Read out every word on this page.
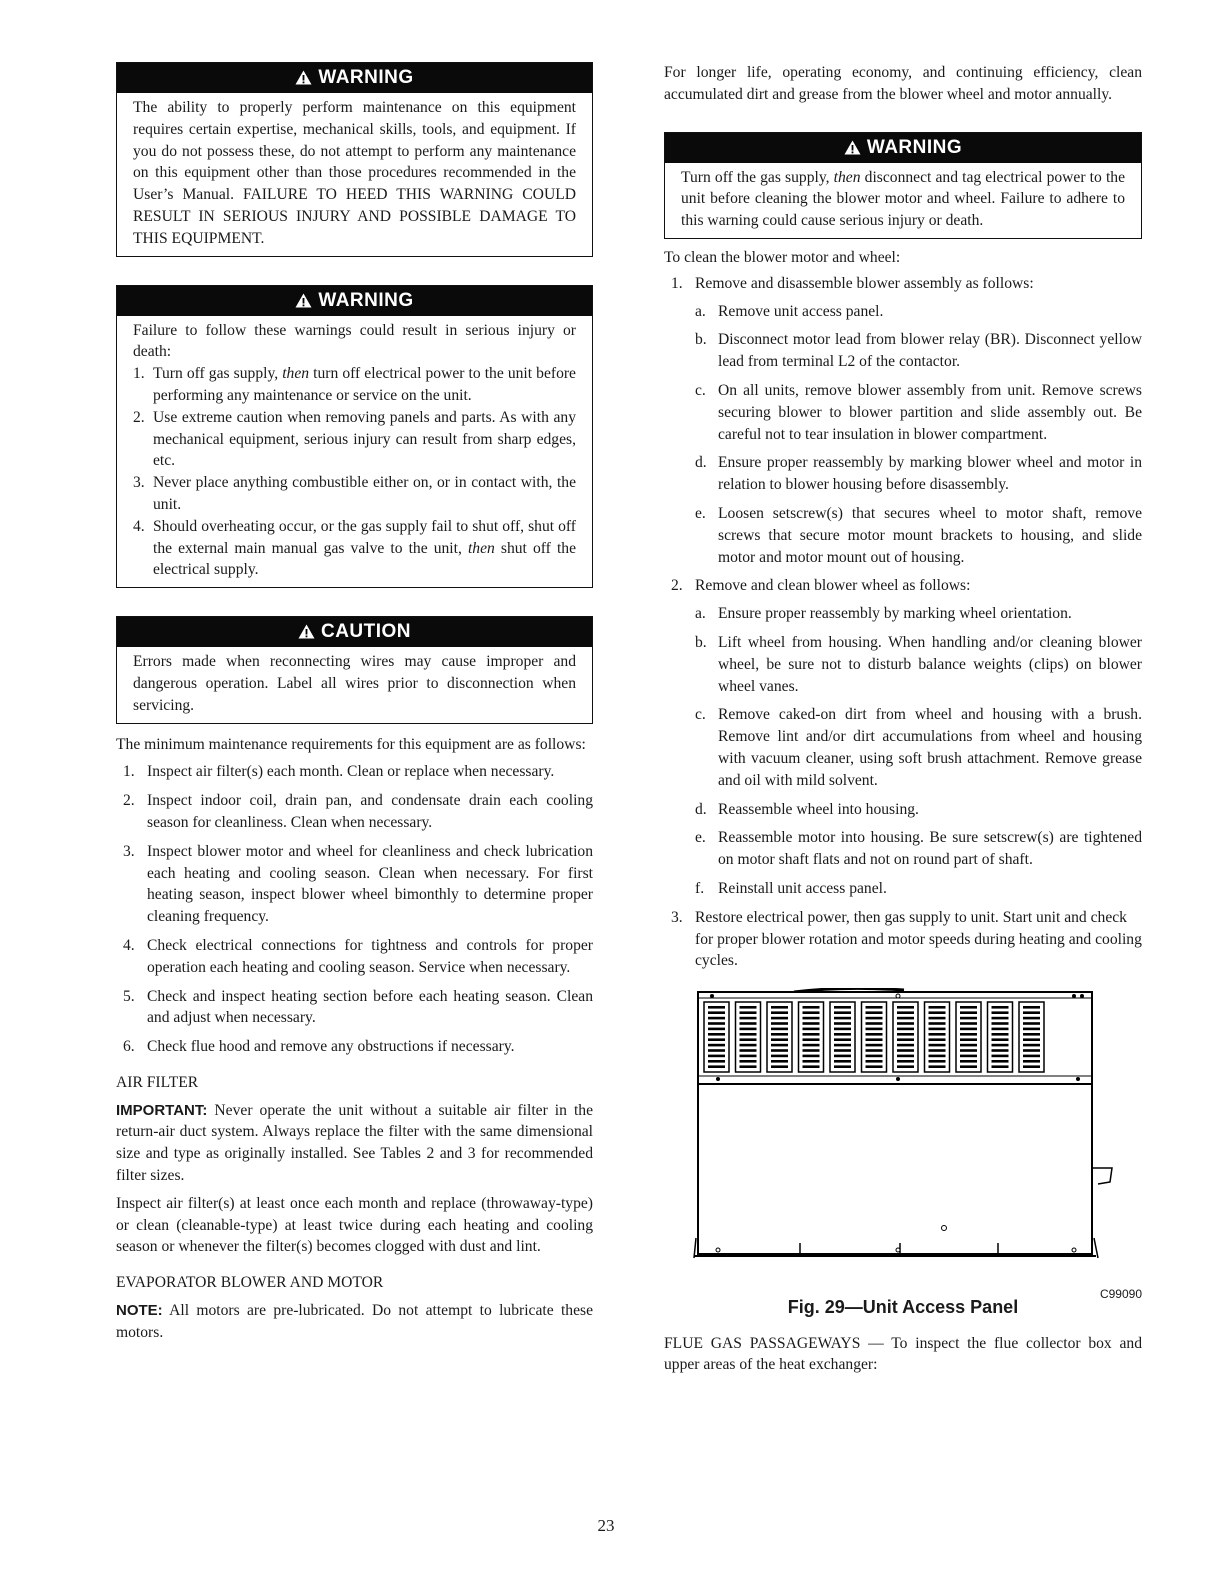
WARNING
The ability to properly perform maintenance on this equipment requires certain expertise, mechanical skills, tools, and equipment. If you do not possess these, do not attempt to perform any maintenance on this equipment other than those procedures recommended in the User’s Manual. FAILURE TO HEED THIS WARNING COULD RESULT IN SERIOUS INJURY AND POSSIBLE DAMAGE TO THIS EQUIPMENT.
WARNING
Failure to follow these warnings could result in serious injury or death:
1. Turn off gas supply, then turn off electrical power to the unit before performing any maintenance or service on the unit.
2. Use extreme caution when removing panels and parts. As with any mechanical equipment, serious injury can result from sharp edges, etc.
3. Never place anything combustible either on, or in contact with, the unit.
4. Should overheating occur, or the gas supply fail to shut off, shut off the external main manual gas valve to the unit, then shut off the electrical supply.
CAUTION
Errors made when reconnecting wires may cause improper and dangerous operation. Label all wires prior to disconnection when servicing.

The minimum maintenance requirements for this equipment are as follows:

1. Inspect air filter(s) each month. Clean or replace when necessary.
2. Inspect indoor coil, drain pan, and condensate drain each cooling season for cleanliness. Clean when necessary.
3. Inspect blower motor and wheel for cleanliness and check lubrication each heating and cooling season. Clean when necessary. For first heating season, inspect blower wheel bimonthly to determine proper cleaning frequency.
4. Check electrical connections for tightness and controls for proper operation each heating and cooling season. Service when necessary.
5. Check and inspect heating section before each heating season. Clean and adjust when necessary.
6. Check flue hood and remove any obstructions if necessary.
AIR FILTER

IMPORTANT: Never operate the unit without a suitable air filter in the return-air duct system. Always replace the filter with the same dimensional size and type as originally installed. See Tables 2 and 3 for recommended filter sizes.

Inspect air filter(s) at least once each month and replace (throwaway-type) or clean (cleanable-type) at least twice during each heating and cooling season or whenever the filter(s) becomes clogged with dust and lint.

EVAPORATOR BLOWER AND MOTOR

NOTE: All motors are pre-lubricated. Do not attempt to lubricate these motors.

For longer life, operating economy, and continuing efficiency, clean accumulated dirt and grease from the blower wheel and motor annually.

WARNING
Turn off the gas supply, then disconnect and tag electrical power to the unit before cleaning the blower motor and wheel. Failure to adhere to this warning could cause serious injury or death.

To clean the blower motor and wheel:

1. Remove and disassemble blower assembly as follows:
a. Remove unit access panel.
b. Disconnect motor lead from blower relay (BR). Disconnect yellow lead from terminal L2 of the contactor.
c. On all units, remove blower assembly from unit. Remove screws securing blower to blower partition and slide assembly out. Be careful not to tear insulation in blower compartment.
d. Ensure proper reassembly by marking blower wheel and motor in relation to blower housing before disassembly.
e. Loosen setscrew(s) that secures wheel to motor shaft, remove screws that secure motor mount brackets to housing, and slide motor and motor mount out of housing.
2. Remove and clean blower wheel as follows:
a. Ensure proper reassembly by marking wheel orientation.
b. Lift wheel from housing. When handling and/or cleaning blower wheel, be sure not to disturb balance weights (clips) on blower wheel vanes.
c. Remove caked-on dirt from wheel and housing with a brush. Remove lint and/or dirt accumulations from wheel and housing with vacuum cleaner, using soft brush attachment. Remove grease and oil with mild solvent.
d. Reassemble wheel into housing.
e. Reassemble motor into housing. Be sure setscrew(s) are tightened on motor shaft flats and not on round part of shaft.
f. Reinstall unit access panel.
3. Restore electrical power, then gas supply to unit. Start unit and check for proper blower rotation and motor speeds during heating and cooling cycles.
C99090
Fig. 29—Unit Access Panel

FLUE GAS PASSAGEWAYS — To inspect the flue collector box and upper areas of the heat exchanger:

23
